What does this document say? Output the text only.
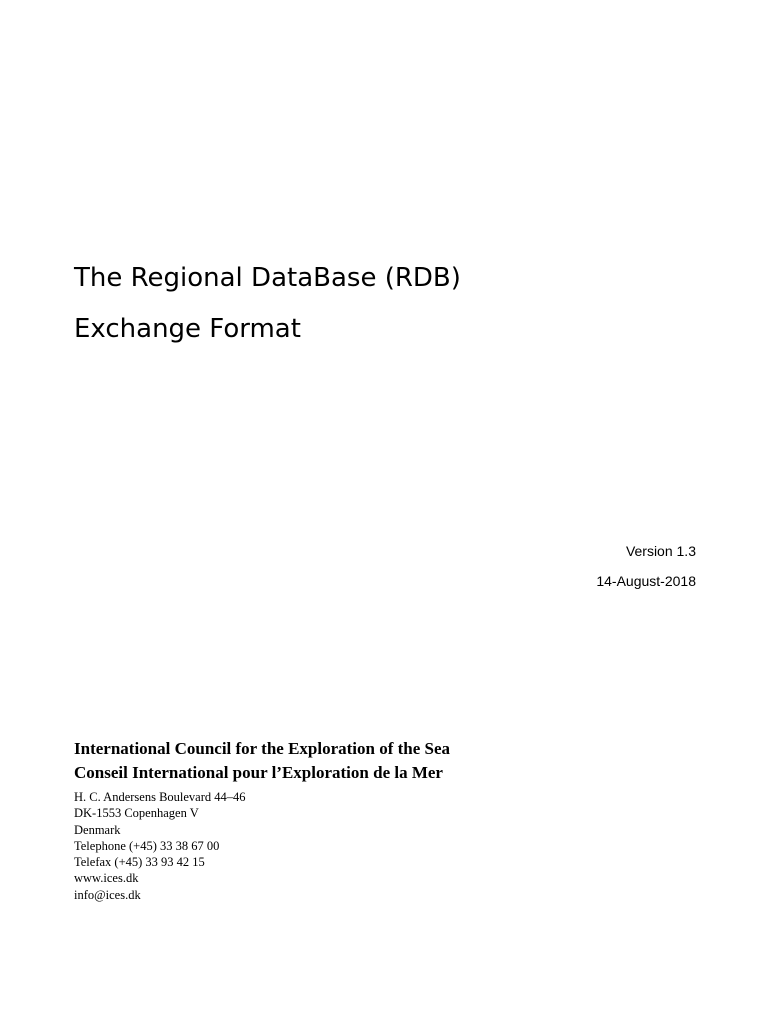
The Regional DataBase (RDB)
Exchange Format
Version 1.3
14-August-2018
International Council for the Exploration of the Sea
Conseil International pour l’Exploration de la Mer
H. C. Andersens Boulevard 44–46
DK-1553 Copenhagen V
Denmark
Telephone (+45) 33 38 67 00
Telefax (+45) 33 93 42 15
www.ices.dk
info@ices.dk
